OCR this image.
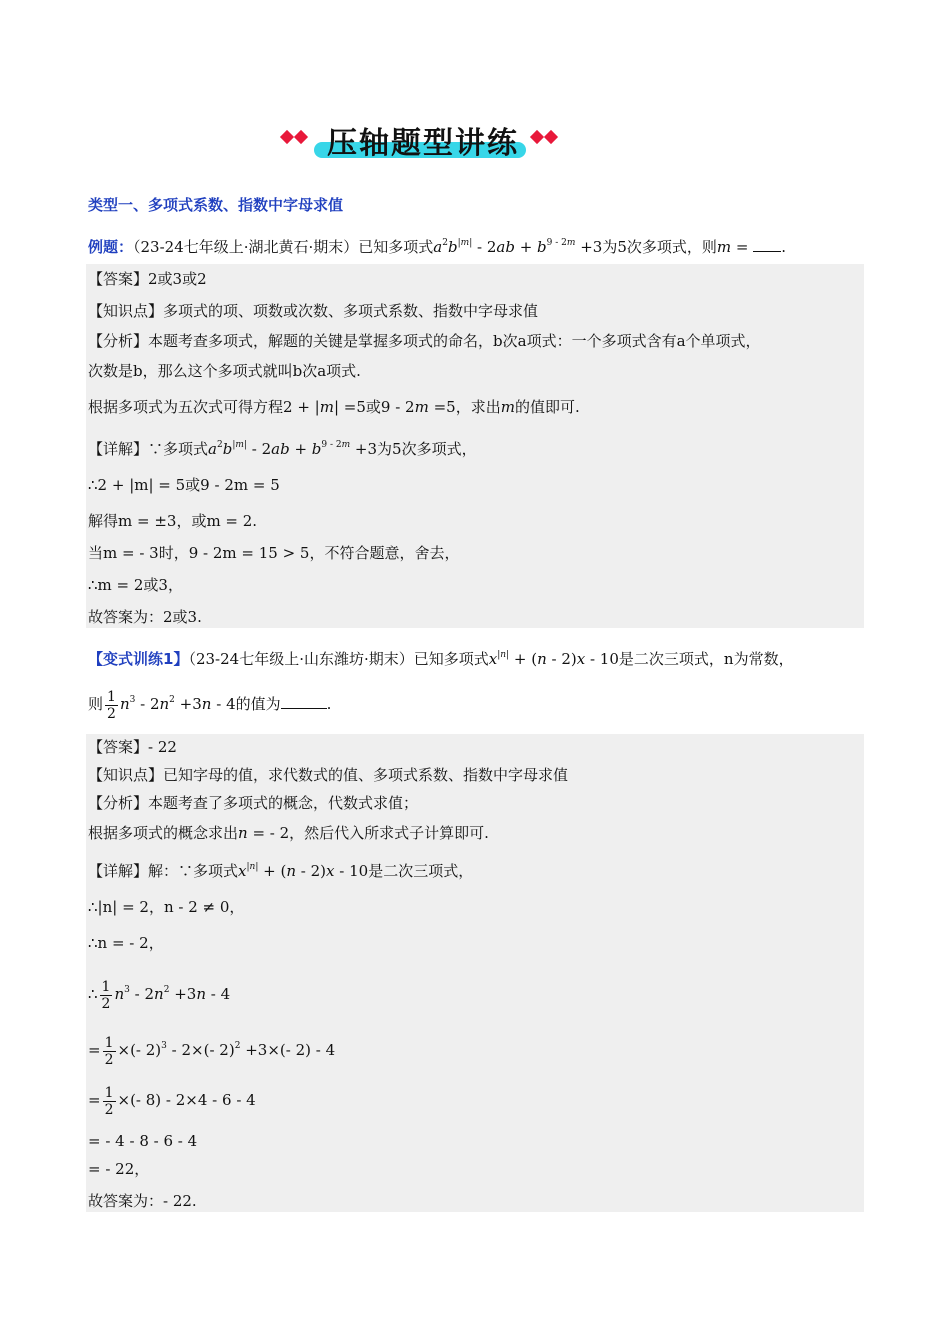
压轴题型讲练
类型一、多项式系数、指数中字母求值
例题：（23-24七年级上·湖北黄石·期末）已知多项式$a^2b^{|m|} - 2ab + b^{9 - 2m} +3$为5次多项式，则m = .
【答案】2或3或2
【知识点】多项式的项、项数或次数、多项式系数、指数中字母求值
【分析】本题考查多项式，解题的关键是掌握多项式的命名，b次a项式：一个多项式含有a个单项式，
次数是b，那么这个多项式就叫b次a项式.
根据多项式为五次式可得方程2 + |m| =5或9 - 2m =5，求出m的值即可.
【详解】∵多项式$a^2b^{|m|} - 2ab + b^{9 - 2m} +3$为5次多项式，
∴2 + |m| = 5或9 - 2m = 5
解得m = ±3，或m = 2.
当m = - 3时，9 - 2m = 15 > 5，不符合题意，舍去，
∴m = 2或3，
故答案为：2或3.
【变式训练1】（23-24七年级上·山东潍坊·期末）已知多项式$x^{|n|} + (n - 2)x - 10$是二次三项式，n为常数，
则 $\frac{1}{2} n^3 - 2n^2 +3n - 4$的值为	.
【答案】- 22
【知识点】已知字母的值，求代数式的值、多项式系数、指数中字母求值
【分析】本题考查了多项式的概念，代数式求值；
根据多项式的概念求出n = - 2，然后代入所求式子计算即可.
【详解】解：∵多项式$x^{|n|} + (n - 2)x - 10$是二次三项式，
∴|n| = 2，n - 2 ≠ 0，
∴n = - 2，
∴ $\frac{1}{2} n^3 - 2n^2 +3n - 4$
= $\frac{1}{2}$ ×(- 2)$^3$ - 2×(- 2)$^2$ +3×(- 2) - 4
= $\frac{1}{2}$ ×(- 8) - 2×4 - 6 - 4
= - 4 - 8 - 6 - 4
= - 22，
故答案为：- 22.
